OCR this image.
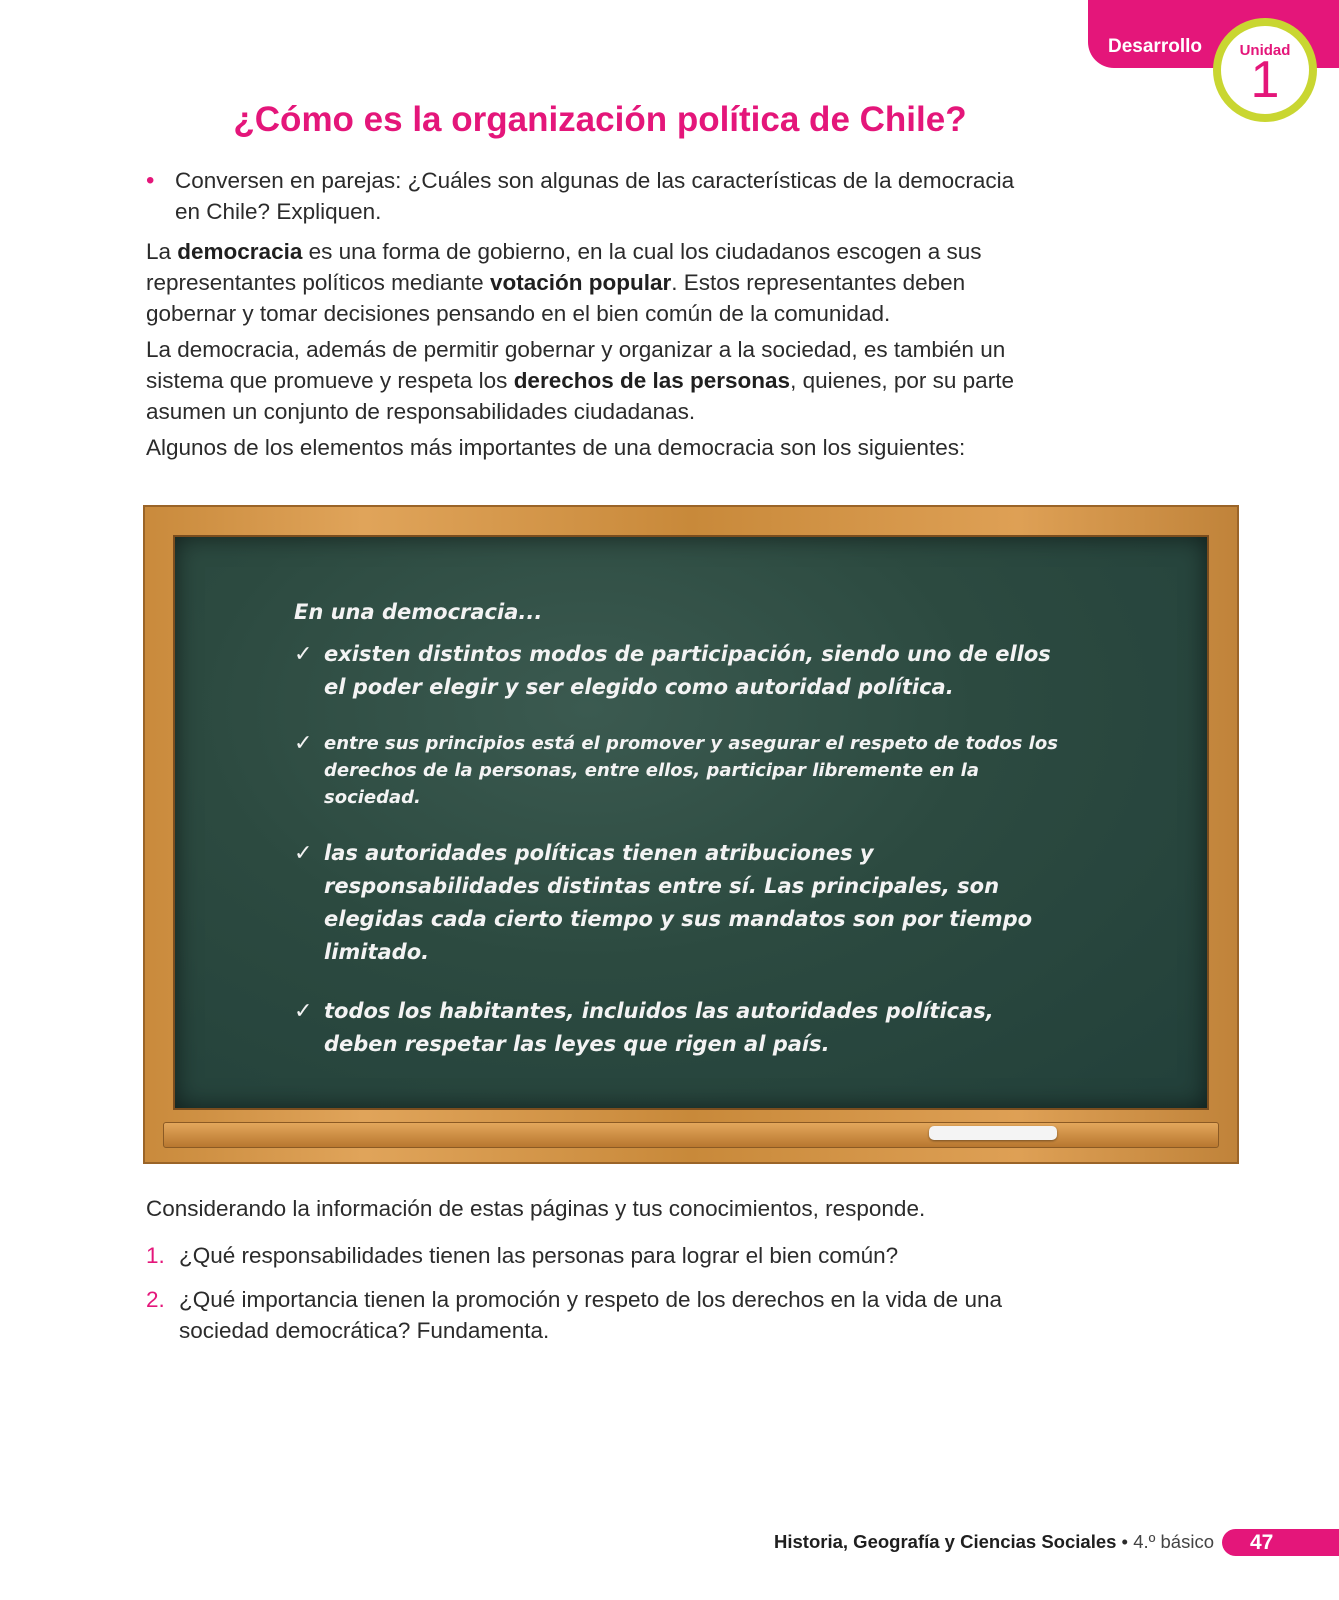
Desarrollo	Unidad
1
¿Cómo es la organización política de Chile?
• Conversen en parejas: ¿Cuáles son algunas de las características de la democracia en Chile? Expliquen.

La democracia es una forma de gobierno, en la cual los ciudadanos escogen a sus representantes políticos mediante votación popular. Estos representantes deben gobernar y tomar decisiones pensando en el bien común de la comunidad.

La democracia, además de permitir gobernar y organizar a la sociedad, es también un sistema que promueve y respeta los derechos de las personas, quienes, por su parte asumen un conjunto de responsabilidades ciudadanas.

Algunos de los elementos más importantes de una democracia son los siguientes:

En una democracia...

✓ existen distintos modos de participación, siendo uno de ellos el poder elegir y ser elegido como autoridad política.

✓ entre sus principios está el promover y asegurar el respeto de todos los derechos de la personas, entre ellos, participar libremente en la sociedad.

✓ las autoridades políticas tienen atribuciones y responsabilidades distintas entre sí. Las principales, son elegidas cada cierto tiempo y sus mandatos son por tiempo limitado.

✓ todos los habitantes, incluidos las autoridades políticas, deben respetar las leyes que rigen al país.

Considerando la información de estas páginas y tus conocimientos, responde.

1. ¿Qué responsabilidades tienen las personas para lograr el bien común?
2. ¿Qué importancia tienen la promoción y respeto de los derechos en la vida de una sociedad democrática? Fundamenta.
Historia, Geografía y Ciencias Sociales • 4.º básico	47
